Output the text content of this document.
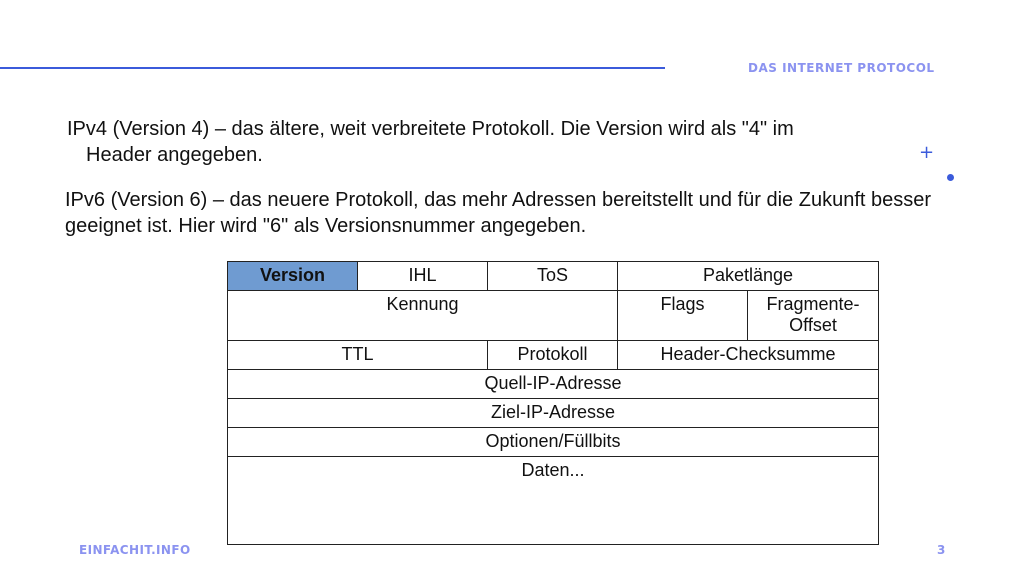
DAS INTERNET PROTOCOL
+

IPv4 (Version 4) – das ältere, weit verbreitete Protokoll. Die Version wird als "4" im
Header angegeben.

IPv6 (Version 6) – das neuere Protokoll, das mehr Adressen bereitstellt und für die Zukunft besser geeignet ist. Hier wird "6" als Versionsnummer angegeben.

Version	IHL	ToS	Paketlänge	
Kennung			Flags	Fragmente-Offset
TTL		Protokoll	Header-Checksumme	
Quell-IP-Adresse				
Ziel-IP-Adresse				
Optionen/Füllbits				
Daten...				
EINFACHIT.INFO	3
